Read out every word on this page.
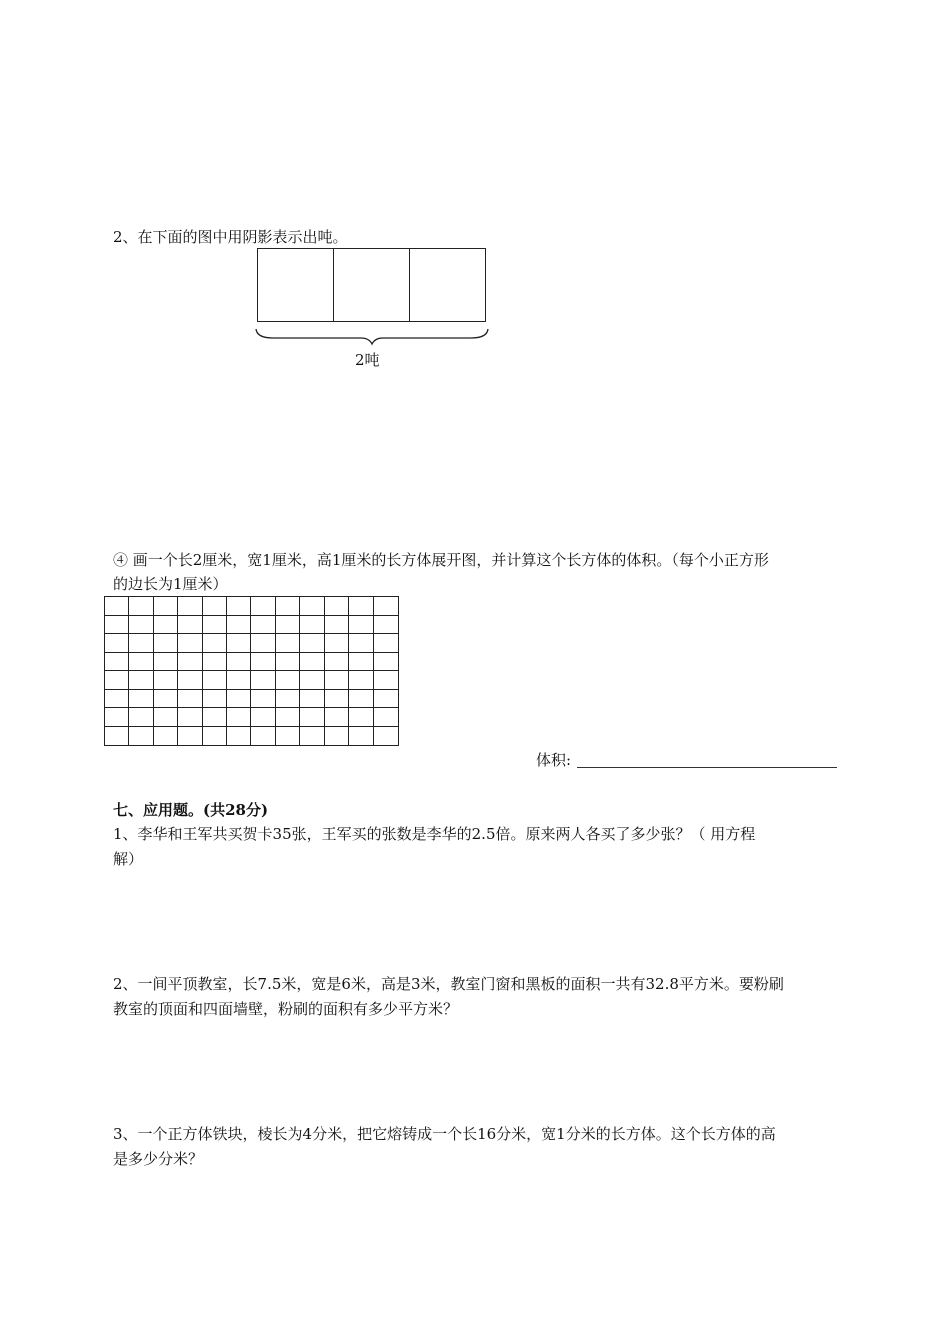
2、在下面的图中用阴影表示出吨。
2吨
④ 画一个长2厘米，宽1厘米，高1厘米的长方体展开图，并计算这个长方体的体积。（每个小正方形
的边长为1厘米）
体积:
七、应用题。(共28分)
1、李华和王军共买贺卡35张，王军买的张数是李华的2.5倍。原来两人各买了多少张？（ 用方程
解）
2、一间平顶教室，长7.5米，宽是6米，高是3米，教室门窗和黑板的面积一共有32.8平方米。要粉刷
教室的顶面和四面墙壁，粉刷的面积有多少平方米？
3、一个正方体铁块，棱长为4分米，把它熔铸成一个长16分米，宽1分米的长方体。这个长方体的高
是多少分米？
